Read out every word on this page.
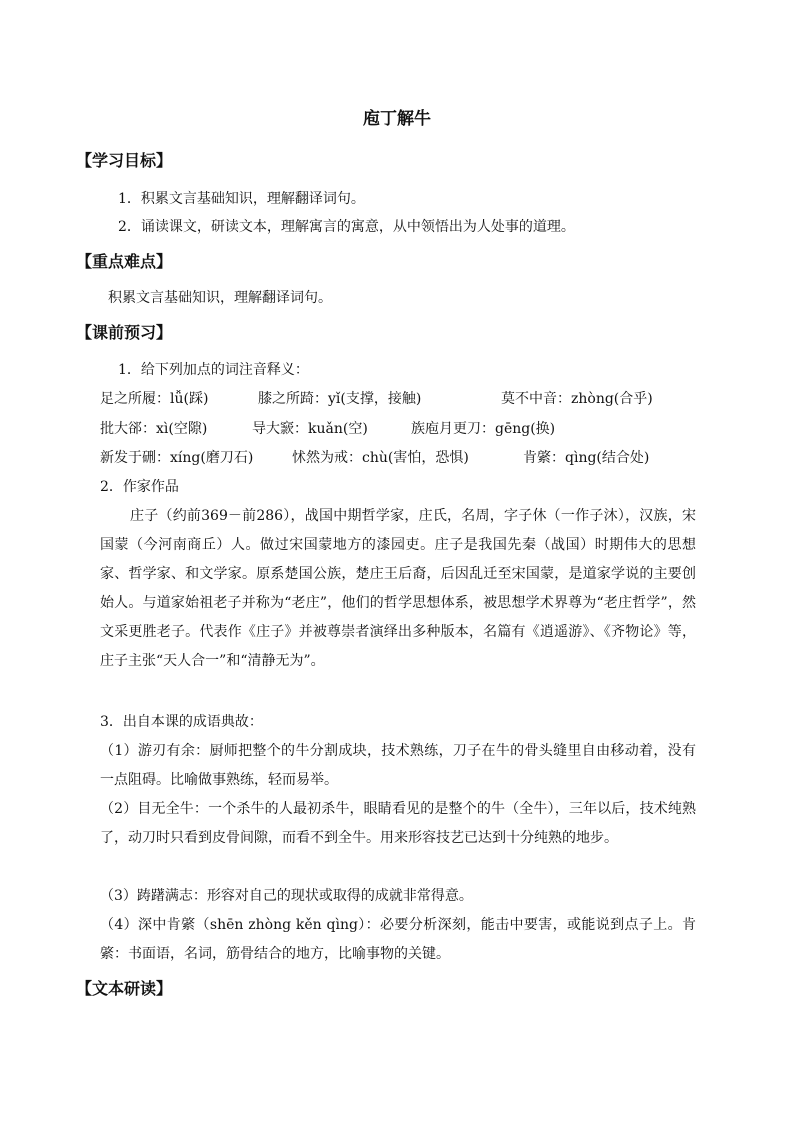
庖丁解牛
【学习目标】
1．积累文言基础知识，理解翻译词句。
2．诵读课文，研读文本，理解寓言的寓意，从中领悟出为人处事的道理。
【重点难点】
积累文言基础知识，理解翻译词句。
【课前预习】
1．给下列加点的词注音释义：
足之所履：lǚ(踩)	膝之所踦：yǐ(支撑，接触)	莫不中音：zhòng(合乎)
批大郤：xì(空隙)	导大窾：kuǎn(空)	族庖月更刀：gēng(换)
新发于硎：xíng(磨刀石)	怵然为戒：chù(害怕，恐惧)	肯綮：qìng(结合处)
2．作家作品
庄子（约前369－前286），战国中期哲学家，庄氏，名周，字子休（一作子沐），汉族，宋国蒙（今河南商丘）人。做过宋国蒙地方的漆园吏。庄子是我国先秦（战国）时期伟大的思想家、哲学家、和文学家。原系楚国公族，楚庄王后裔，后因乱迁至宋国蒙，是道家学说的主要创始人。与道家始祖老子并称为“老庄”，他们的哲学思想体系，被思想学术界尊为“老庄哲学”，然文采更胜老子。代表作《庄子》并被尊崇者演绎出多种版本，名篇有《逍遥游》、《齐物论》等，庄子主张“天人合一”和“清静无为”。
3．出自本课的成语典故：
（1）游刃有余：厨师把整个的牛分割成块，技术熟练，刀子在牛的骨头缝里自由移动着，没有一点阻碍。比喻做事熟练，轻而易举。
（2）目无全牛：一个杀牛的人最初杀牛，眼睛看见的是整个的牛（全牛），三年以后，技术纯熟了，动刀时只看到皮骨间隙，而看不到全牛。用来形容技艺已达到十分纯熟的地步。
（3）踌躇满志：形容对自己的现状或取得的成就非常得意。
（4）深中肯綮（shēn zhòng kěn qìng）：必要分析深刻，能击中要害，或能说到点子上。肯綮：书面语，名词，筋骨结合的地方，比喻事物的关键。
【文本研读】
